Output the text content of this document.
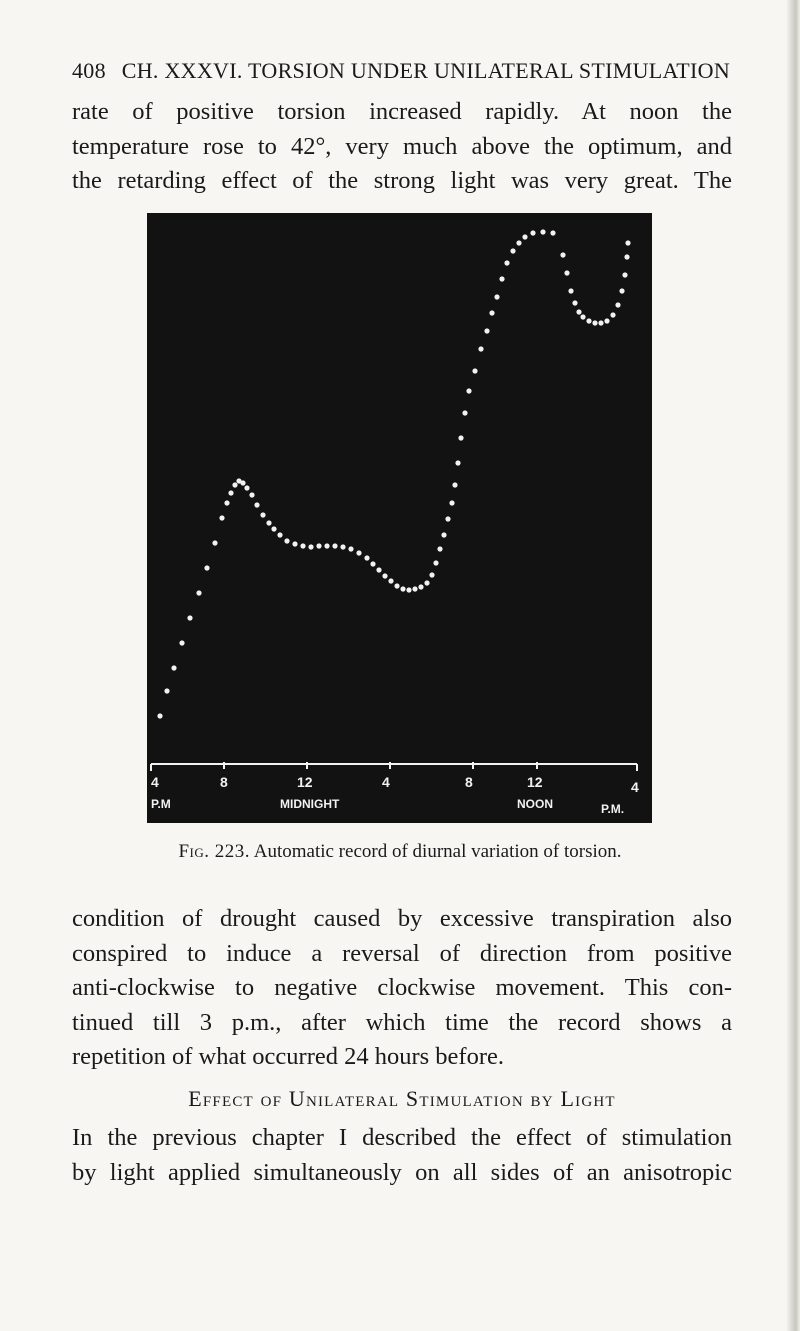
408 CH. XXXVI. TORSION UNDER UNILATERAL STIMULATION
rate of positive torsion increased rapidly. At noon the
temperature rose to 42°, very much above the optimum, and
the retarding effect of the strong light was very great. The
4	8	12	4	8	12	4
P.M	MIDNIGHT	NOON	P.M.
Fig. 223. Automatic record of diurnal variation of torsion.
condition of drought caused by excessive transpiration also
conspired to induce a reversal of direction from positive
anti-clockwise to negative clockwise movement. This con-
tinued till 3 p.m., after which time the record shows a
repetition of what occurred 24 hours before.
Effect of Unilateral Stimulation by Light
In the previous chapter I described the effect of stimulation
by light applied simultaneously on all sides of an anisotropic
